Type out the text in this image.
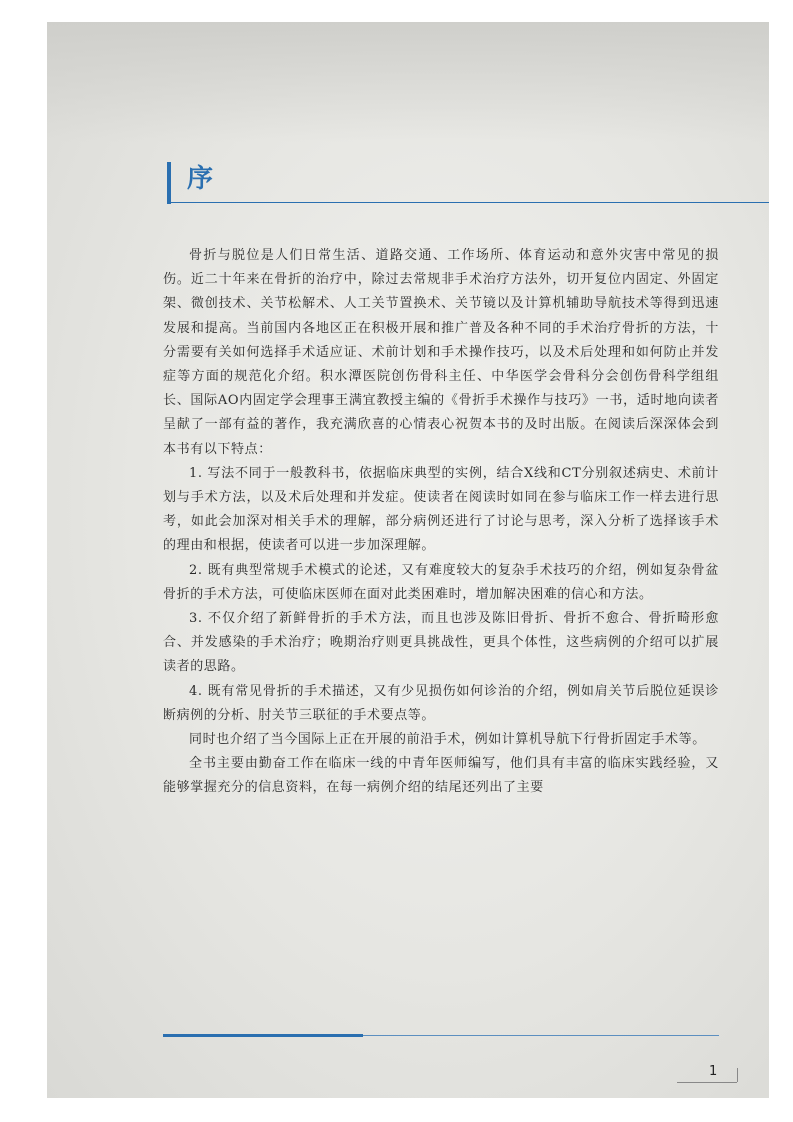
序

骨折与脱位是人们日常生活、道路交通、工作场所、体育运动和意外灾害中常见的损伤。近二十年来在骨折的治疗中，除过去常规非手术治疗方法外，切开复位内固定、外固定架、微创技术、关节松解术、人工关节置换术、关节镜以及计算机辅助导航技术等得到迅速发展和提高。当前国内各地区正在积极开展和推广普及各种不同的手术治疗骨折的方法，十分需要有关如何选择手术适应证、术前计划和手术操作技巧，以及术后处理和如何防止并发症等方面的规范化介绍。积水潭医院创伤骨科主任、中华医学会骨科分会创伤骨科学组组长、国际AO内固定学会理事王满宜教授主编的《骨折手术操作与技巧》一书，适时地向读者呈献了一部有益的著作，我充满欣喜的心情表心祝贺本书的及时出版。在阅读后深深体会到本书有以下特点：

1. 写法不同于一般教科书，依据临床典型的实例，结合X线和CT分别叙述病史、术前计划与手术方法，以及术后处理和并发症。使读者在阅读时如同在参与临床工作一样去进行思考，如此会加深对相关手术的理解，部分病例还进行了讨论与思考，深入分析了选择该手术的理由和根据，使读者可以进一步加深理解。

2. 既有典型常规手术模式的论述，又有难度较大的复杂手术技巧的介绍，例如复杂骨盆骨折的手术方法，可使临床医师在面对此类困难时，增加解决困难的信心和方法。

3. 不仅介绍了新鲜骨折的手术方法，而且也涉及陈旧骨折、骨折不愈合、骨折畸形愈合、并发感染的手术治疗；晚期治疗则更具挑战性，更具个体性，这些病例的介绍可以扩展读者的思路。

4. 既有常见骨折的手术描述，又有少见损伤如何诊治的介绍，例如肩关节后脱位延误诊断病例的分析、肘关节三联征的手术要点等。

同时也介绍了当今国际上正在开展的前沿手术，例如计算机导航下行骨折固定手术等。

全书主要由勤奋工作在临床一线的中青年医师编写，他们具有丰富的临床实践经验，又能够掌握充分的信息资料，在每一病例介绍的结尾还列出了主要

1
